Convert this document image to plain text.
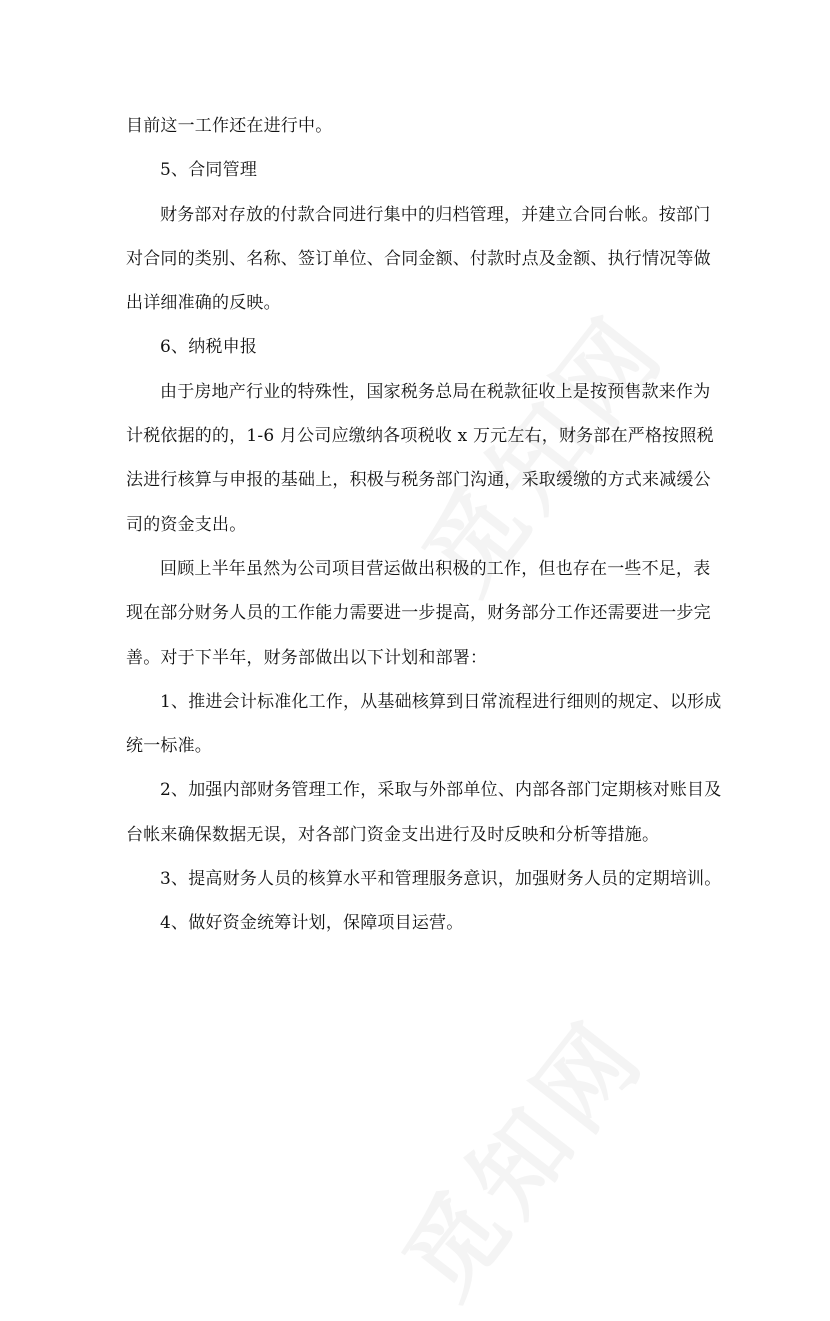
目前这一工作还在进行中。
5、合同管理
财务部对存放的付款合同进行集中的归档管理，并建立合同台帐。按部门
对合同的类别、名称、签订单位、合同金额、付款时点及金额、执行情况等做
出详细准确的反映。
6、纳税申报
由于房地产行业的特殊性，国家税务总局在税款征收上是按预售款来作为
计税依据的的，1-6 月公司应缴纳各项税收 x 万元左右，财务部在严格按照税
法进行核算与申报的基础上，积极与税务部门沟通，采取缓缴的方式来减缓公
司的资金支出。
回顾上半年虽然为公司项目营运做出积极的工作，但也存在一些不足，表
现在部分财务人员的工作能力需要进一步提高，财务部分工作还需要进一步完
善。对于下半年，财务部做出以下计划和部署：
1、推进会计标准化工作，从基础核算到日常流程进行细则的规定、以形成
统一标准。
2、加强内部财务管理工作，采取与外部单位、内部各部门定期核对账目及
台帐来确保数据无误，对各部门资金支出进行及时反映和分析等措施。
3、提高财务人员的核算水平和管理服务意识，加强财务人员的定期培训。
4、做好资金统筹计划，保障项目运营。
